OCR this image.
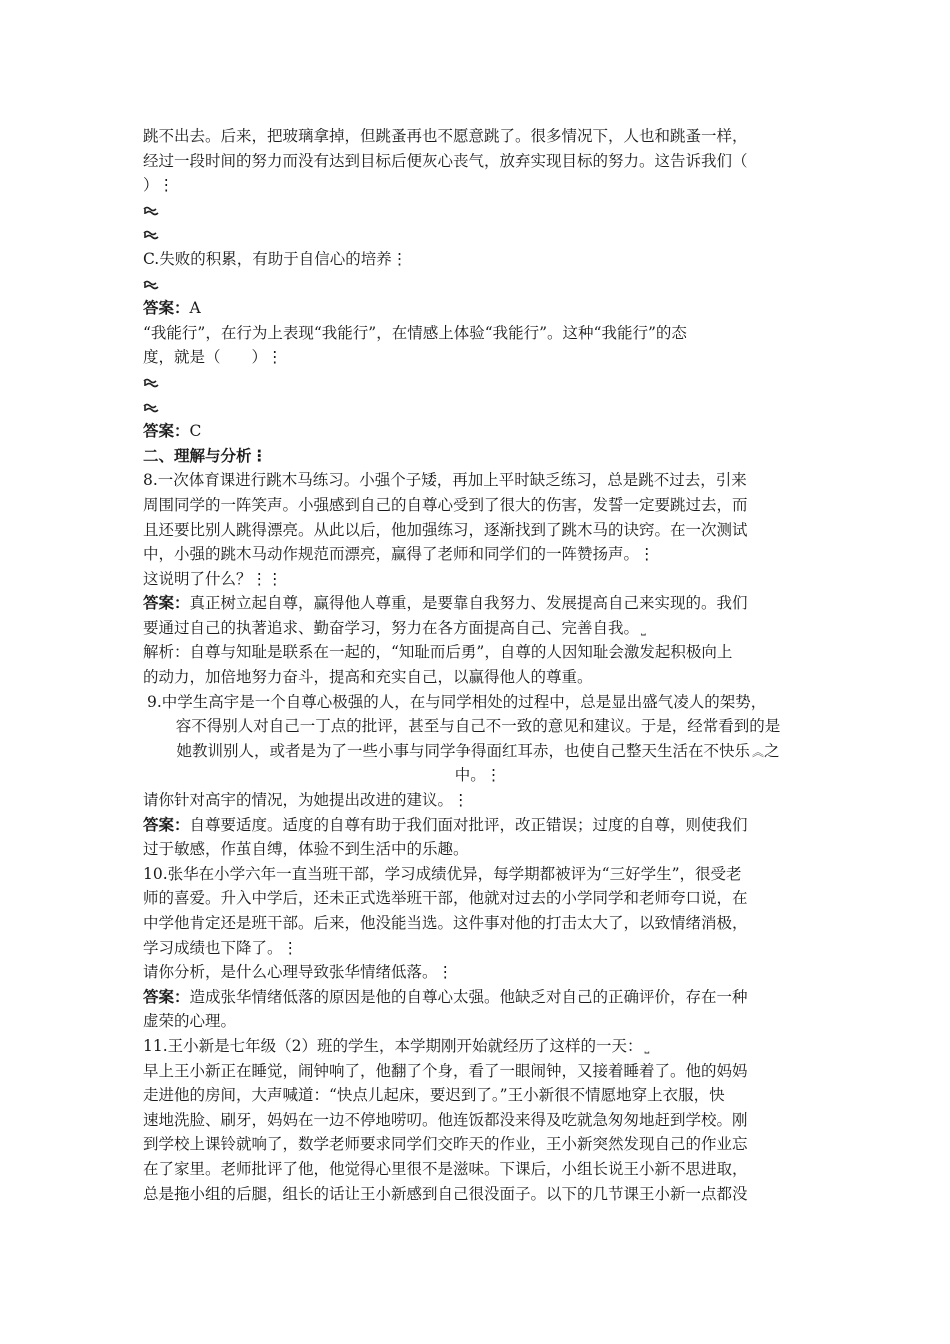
跳不出去。后来，把玻璃拿掉，但跳蚤再也不愿意跳了。很多情况下，人也和跳蚤一样，
经过一段时间的努力而没有达到目标后便灰心丧气，放弃实现目标的努力。这告诉我们（
）⋮
C.失败的积累，有助于自信心的培养⋮
答案：A
“我能行”，在行为上表现“我能行”，在情感上体验“我能行”。这种“我能行”的态
度，就是（　　）⋮
答案：C
二、理解与分析⋮
8.一次体育课进行跳木马练习。小强个子矮，再加上平时缺乏练习，总是跳不过去，引来
周围同学的一阵笑声。小强感到自己的自尊心受到了很大的伤害，发誓一定要跳过去，而
且还要比别人跳得漂亮。从此以后，他加强练习，逐渐找到了跳木马的诀窍。在一次测试
中，小强的跳木马动作规范而漂亮，赢得了老师和同学们的一阵赞扬声。⋮
这说明了什么？⋮⋮
答案：真正树立起自尊，赢得他人尊重，是要靠自我努力、发展提高自己来实现的。我们
要通过自己的执著追求、勤奋学习，努力在各方面提高自己、完善自我。 ⎵
解析：自尊与知耻是联系在一起的，“知耻而后勇”，自尊的人因知耻会激发起积极向上
的动力，加倍地努力奋斗，提高和充实自己，以赢得他人的尊重。
9.中学生高宇是一个自尊心极强的人，在与同学相处的过程中，总是显出盛气凌人的架势，
容不得别人对自己一丁点的批评，甚至与自己不一致的意见和建议。于是，经常看到的是
她教训别人，或者是为了一些小事与同学争得面红耳赤，也使自己整天生活在不快乐 ︽之
中。⋮
请你针对高宇的情况，为她提出改进的建议。⋮
答案：自尊要适度。适度的自尊有助于我们面对批评，改正错误；过度的自尊，则使我们
过于敏感，作茧自缚，体验不到生活中的乐趣。
10.张华在小学六年一直当班干部，学习成绩优异，每学期都被评为“三好学生”，很受老
师的喜爱。升入中学后，还未正式选举班干部，他就对过去的小学同学和老师夸口说，在
中学他肯定还是班干部。后来，他没能当选。这件事对他的打击太大了，以致情绪消极，
学习成绩也下降了。⋮
请你分析，是什么心理导致张华情绪低落。⋮
答案：造成张华情绪低落的原因是他的自尊心太强。他缺乏对自己的正确评价，存在一种
虚荣的心理。
11.王小新是七年级（2）班的学生，本学期刚开始就经历了这样的一天： ⎵
早上王小新正在睡觉，闹钟响了，他翻了个身，看了一眼闹钟，又接着睡着了。他的妈妈
走进他的房间，大声喊道：“快点儿起床，要迟到了。”王小新很不情愿地穿上衣服，快
速地洗脸、刷牙，妈妈在一边不停地唠叨。他连饭都没来得及吃就急匆匆地赶到学校。刚
到学校上课铃就响了，数学老师要求同学们交昨天的作业，王小新突然发现自己的作业忘
在了家里。老师批评了他，他觉得心里很不是滋味。下课后，小组长说王小新不思进取，
总是拖小组的后腿，组长的话让王小新感到自己很没面子。以下的几节课王小新一点都没
